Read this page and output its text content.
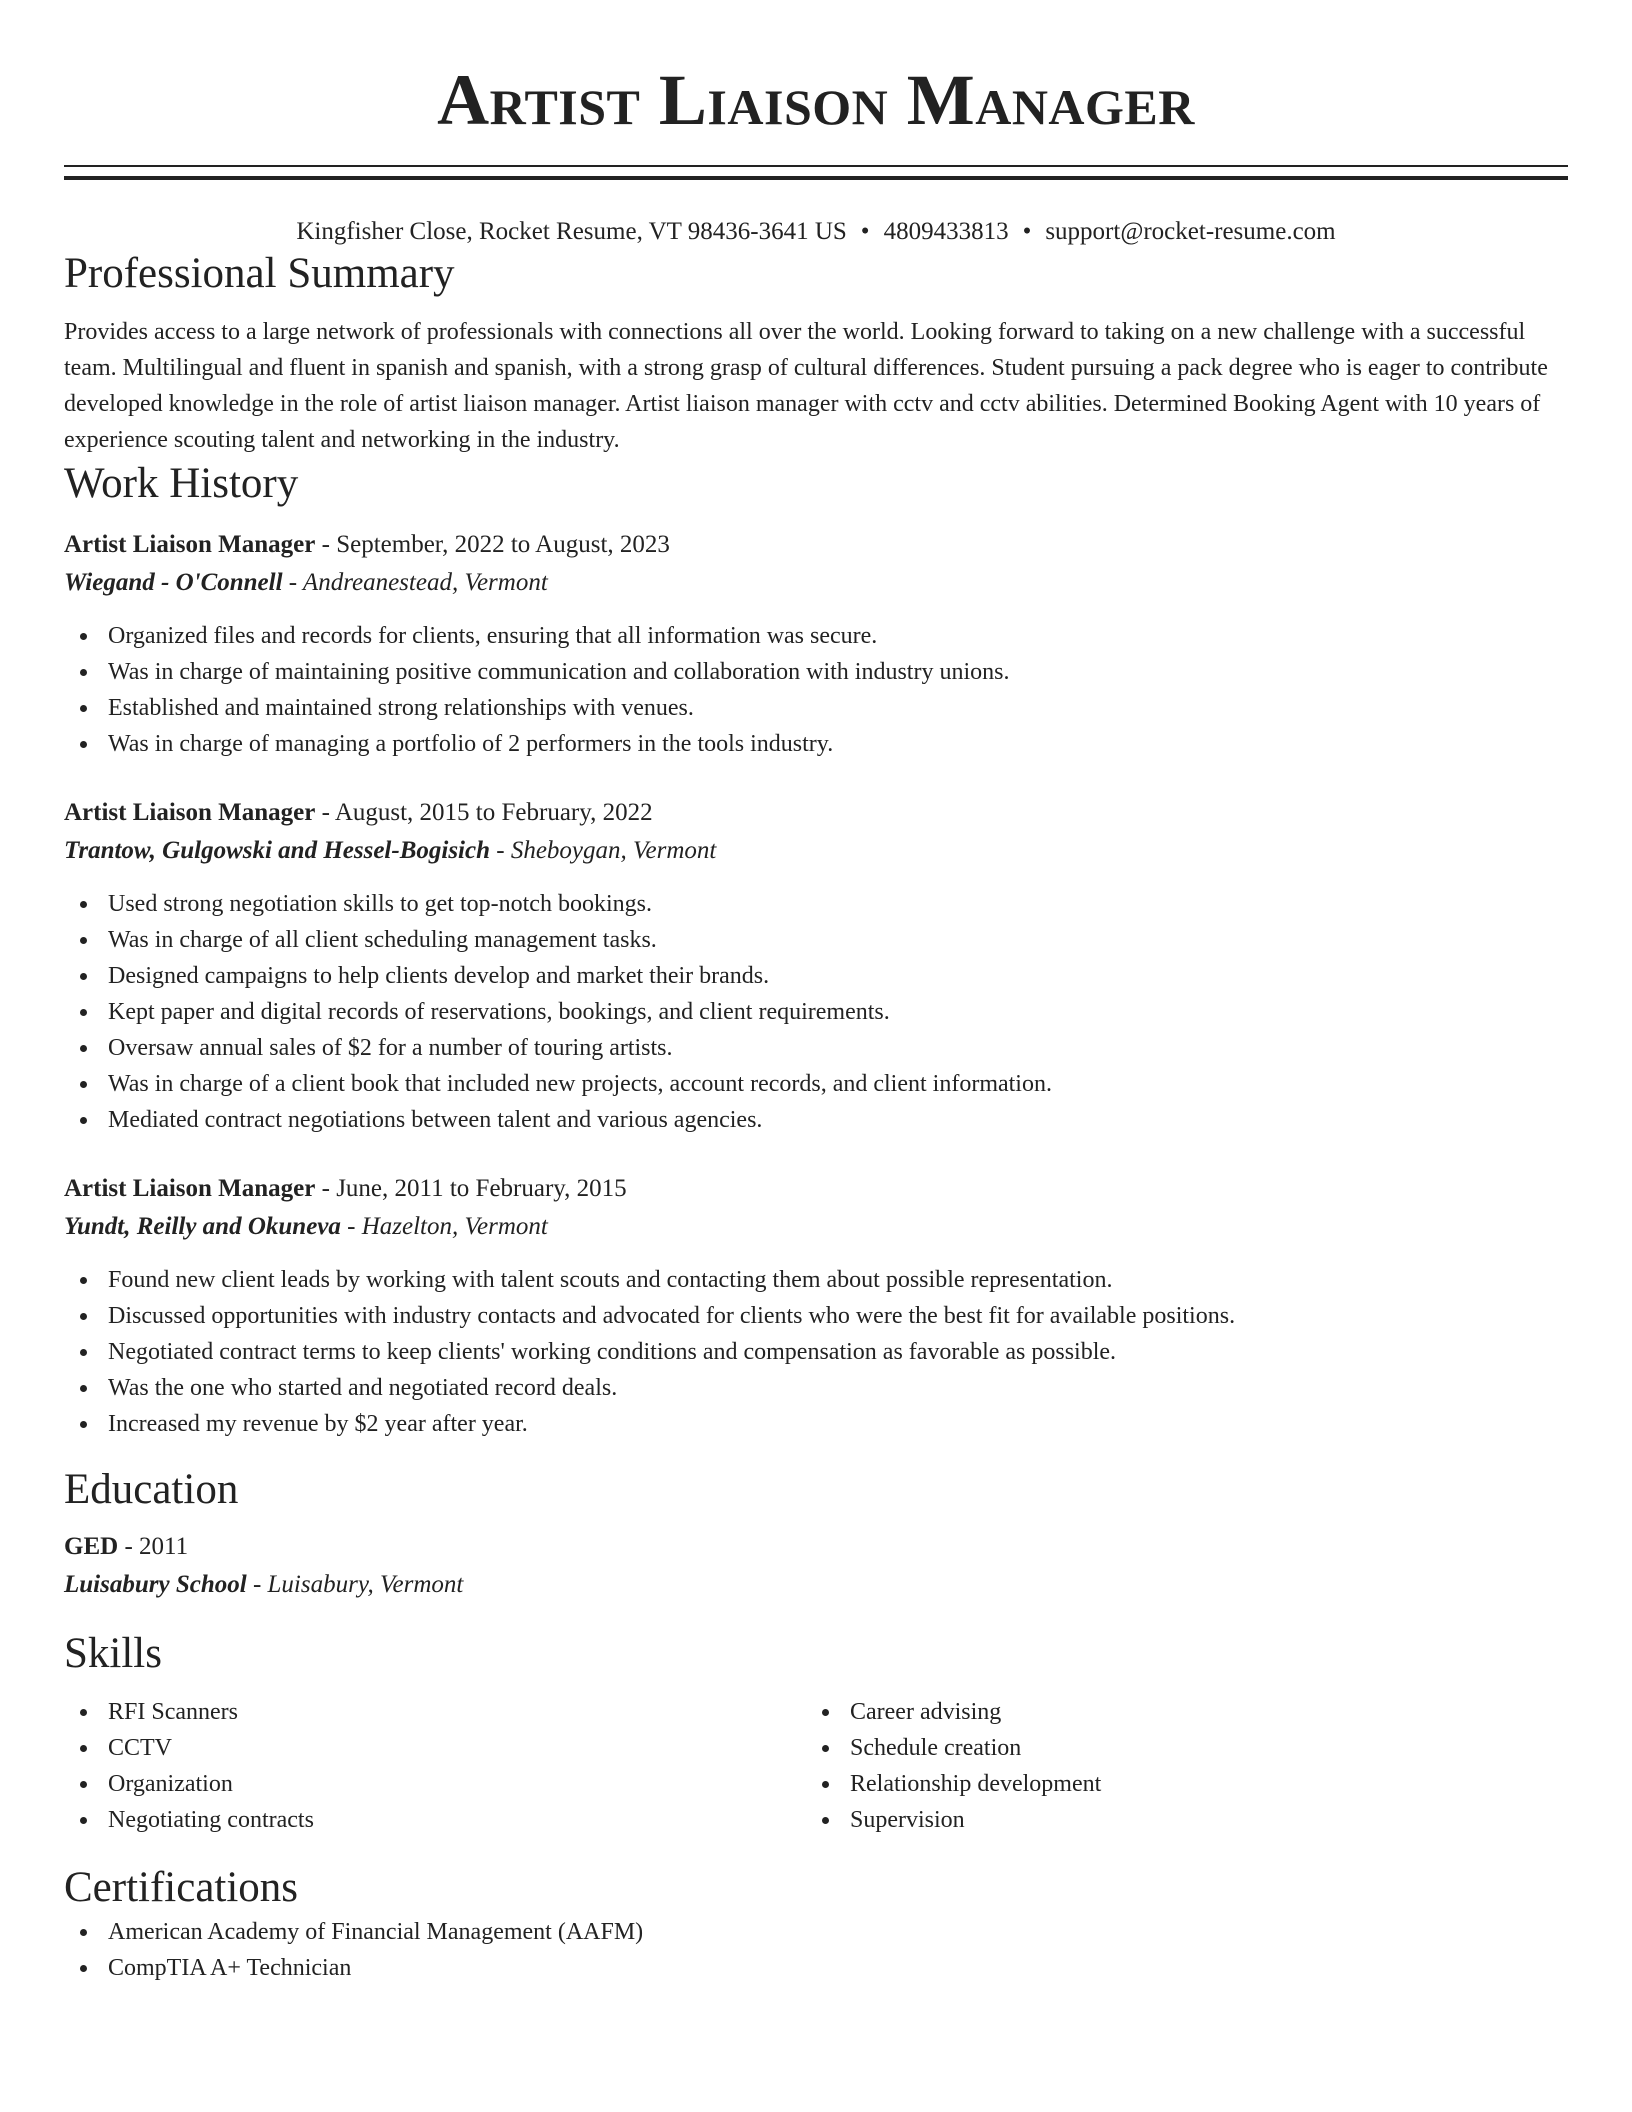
Artist Liaison Manager
Kingfisher Close, Rocket Resume, VT 98436-3641 US • 4809433813 • support@rocket-resume.com
Professional Summary

Provides access to a large network of professionals with connections all over the world. Looking forward to taking on a new challenge with a successful team. Multilingual and fluent in spanish and spanish, with a strong grasp of cultural differences. Student pursuing a pack degree who is eager to contribute developed knowledge in the role of artist liaison manager. Artist liaison manager with cctv and cctv abilities. Determined Booking Agent with 10 years of experience scouting talent and networking in the industry.

Work History
Artist Liaison Manager - September, 2022 to August, 2023
Wiegand - O'Connell - Andreanestead, Vermont
Organized files and records for clients, ensuring that all information was secure.
Was in charge of maintaining positive communication and collaboration with industry unions.
Established and maintained strong relationships with venues.
Was in charge of managing a portfolio of 2 performers in the tools industry.
Artist Liaison Manager - August, 2015 to February, 2022
Trantow, Gulgowski and Hessel-Bogisich - Sheboygan, Vermont
Used strong negotiation skills to get top-notch bookings.
Was in charge of all client scheduling management tasks.
Designed campaigns to help clients develop and market their brands.
Kept paper and digital records of reservations, bookings, and client requirements.
Oversaw annual sales of $2 for a number of touring artists.
Was in charge of a client book that included new projects, account records, and client information.
Mediated contract negotiations between talent and various agencies.
Artist Liaison Manager - June, 2011 to February, 2015
Yundt, Reilly and Okuneva - Hazelton, Vermont
Found new client leads by working with talent scouts and contacting them about possible representation.
Discussed opportunities with industry contacts and advocated for clients who were the best fit for available positions.
Negotiated contract terms to keep clients' working conditions and compensation as favorable as possible.
Was the one who started and negotiated record deals.
Increased my revenue by $2 year after year.
Education
GED - 2011
Luisabury School - Luisabury, Vermont
Skills
RFI Scanners
CCTV
Organization
Negotiating contracts
Career advising
Schedule creation
Relationship development
Supervision
Certifications
American Academy of Financial Management (AAFM)
CompTIA A+ Technician
